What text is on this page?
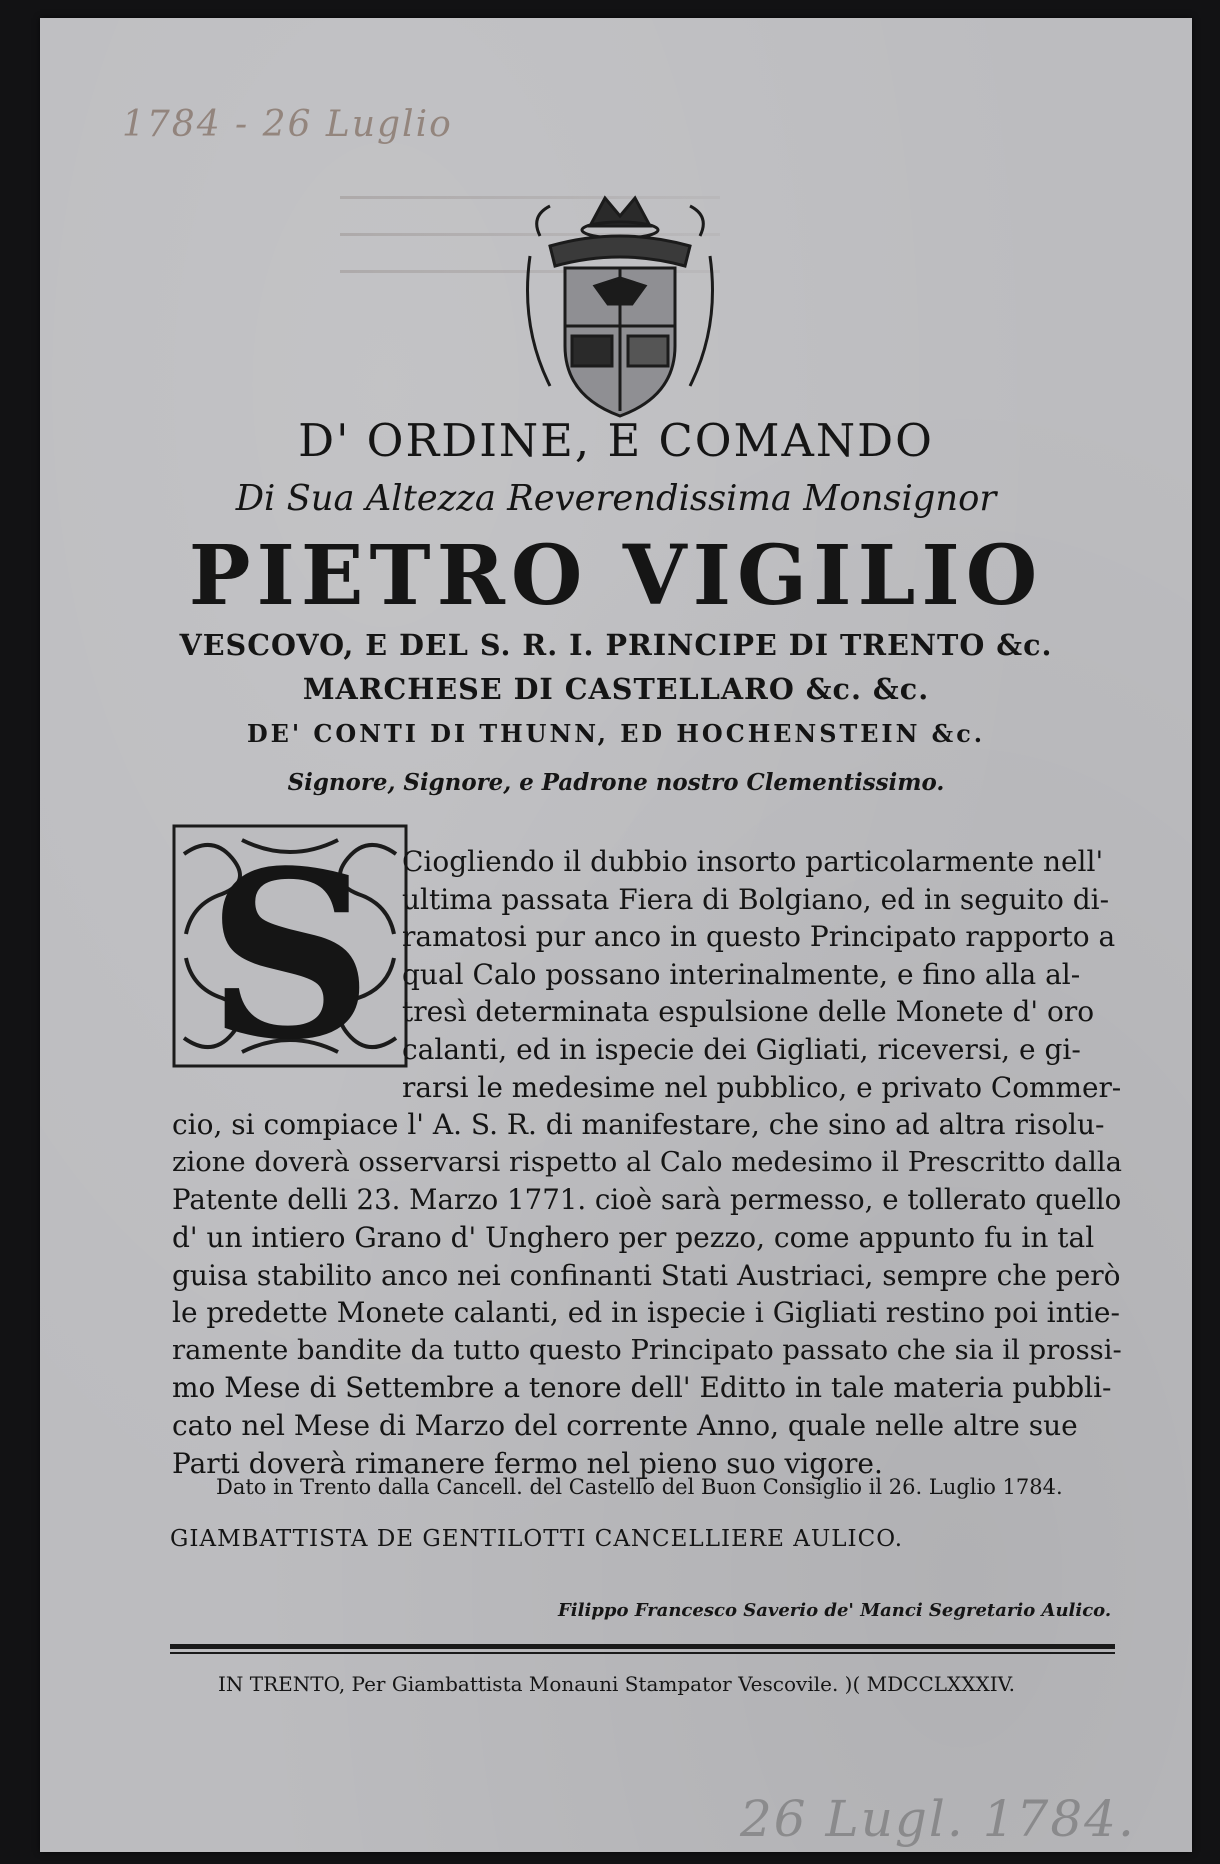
1784 - 26 Luglio
D' ORDINE, E COMANDO
Di Sua Altezza Reverendissima Monsignor
PIETRO VIGILIO
VESCOVO, E DEL S. R. I. PRINCIPE DI TRENTO &c.
MARCHESE DI CASTELLARO &c. &c.
DE' CONTI DI THUNN, ED HOCHENSTEIN &c.
Signore, Signore, e Padrone nostro Clementissimo.
S Ciogliendo il dubbio insorto particolarmente nell'
ultima passata Fiera di Bolgiano, ed in seguito di-
ramatosi pur anco in questo Principato rapporto a
qual Calo possano interinalmente, e fino alla al-
tresì determinata espulsione delle Monete d' oro
calanti, ed in ispecie dei Gigliati, riceversi, e gi-
rarsi le medesime nel pubblico, e privato Commer-
cio, si compiace l' A. S. R. di manifestare, che sino ad altra risolu-
zione doverà osservarsi rispetto al Calo medesimo il Prescritto dalla
Patente delli 23. Marzo 1771. cioè sarà permesso, e tollerato quello
d' un intiero Grano d' Unghero per pezzo, come appunto fu in tal
guisa stabilito anco nei confinanti Stati Austriaci, sempre che però
le predette Monete calanti, ed in ispecie i Gigliati restino poi intie-
ramente bandite da tutto questo Principato passato che sia il prossi-
mo Mese di Settembre a tenore dell' Editto in tale materia pubbli-
cato nel Mese di Marzo del corrente Anno, quale nelle altre sue
Parti doverà rimanere fermo nel pieno suo vigore.
Dato in Trento dalla Cancell. del Castello del Buon Consiglio il 26. Luglio 1784.
GIAMBATTISTA DE GENTILOTTI CANCELLIERE AULICO.
Filippo Francesco Saverio de' Manci Segretario Aulico.
IN TRENTO, Per Giambattista Monauni Stampator Vescovile. )( MDCCLXXXIV.
26 Lugl. 1784.
